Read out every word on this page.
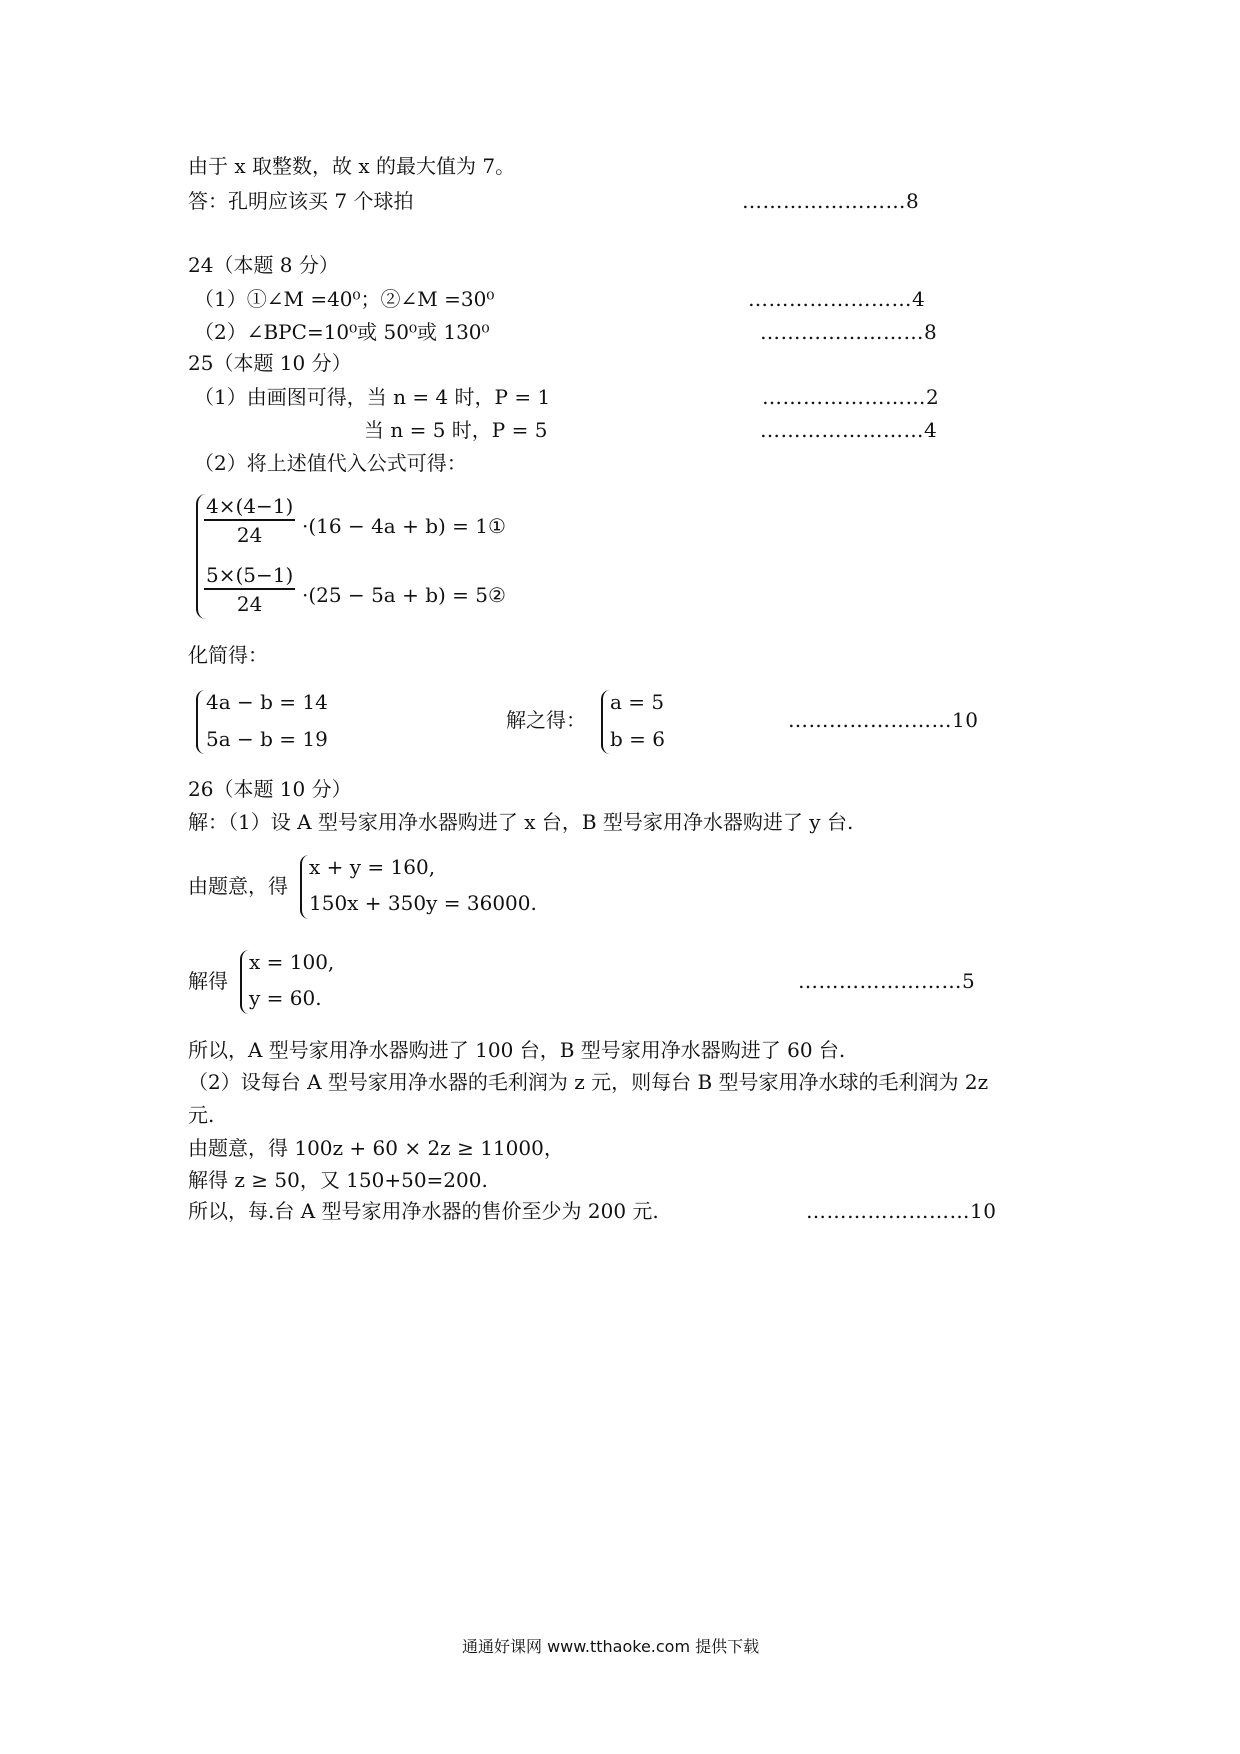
由于 x 取整数，故 x 的最大值为 7。
答：孔明应该买 7 个球拍	……………………8
24（本题 8 分）
（1）①∠M =40⁰；②∠M =30⁰	……………………4
（2）∠BPC=10⁰或 50⁰或 130⁰	……………………8
25（本题 10 分）
（1）由画图可得，当 n = 4 时，P = 1	……………………2
当 n = 5 时，P = 5	……………………4
（2）将上述值代入公式可得：
$\frac{4\times(4-1)}{24} \cdot(16 - 4a + b)$ = 1①
$\frac{5\times(5-1)}{24} \cdot(25 - 5a + b)$ = 5②
化简得：
4a − b = 14
5a − b = 19
解之得：
a = 5
b = 6
……………………10
26（本题 10 分）
解：（1）设 A 型号家用净水器购进了 x 台，B 型号家用净水器购进了 y 台.
由题意，得
x + y = 160,
150x + 350y = 36000.
解得
x = 100,
y = 60.
……………………5
所以，A 型号家用净水器购进了 100 台，B 型号家用净水器购进了 60 台.
（2）设每台 A 型号家用净水器的毛利润为 z 元，则每台 B 型号家用净水球的毛利润为 2z
元.
由题意，得 100z + 60 × 2z ≥ 11000，
解得 z ≥ 50，又 150+50=200.
所以，每.台 A 型号家用净水器的售价至少为 200 元.	……………………10
通通好课网 www.tthaoke.com 提供下载
